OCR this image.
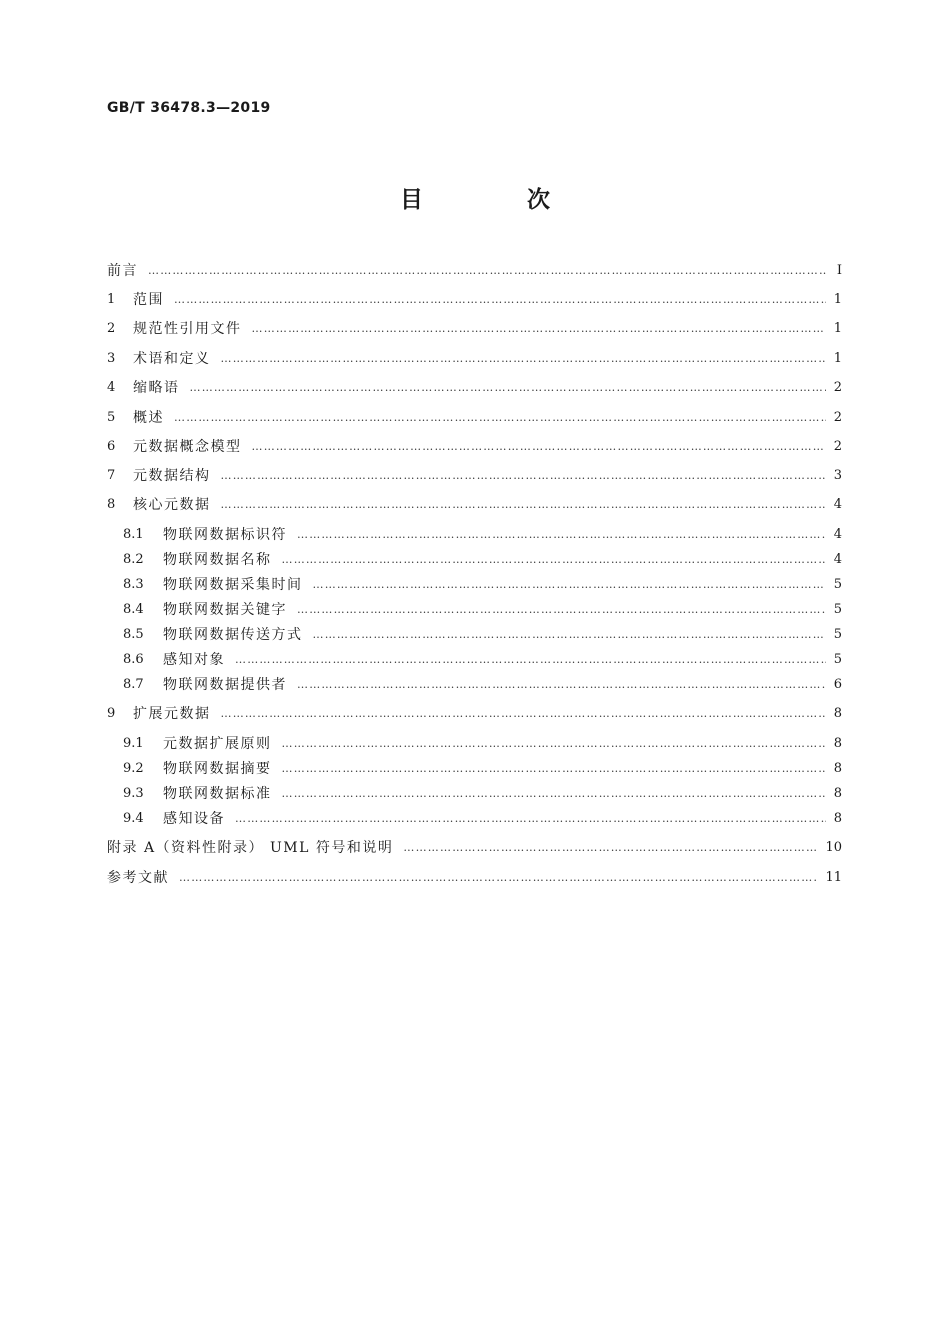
GB/T 36478.3—2019
目 次
前言 ………………………………………………………………………………………………………………………………………………………………………………………………………………………………………………………………………………	Ⅰ
1	范围 ………………………………………………………………………………………………………………………………………………………………………………………………………………………………………………………………………………	1
2	规范性引用文件 ………………………………………………………………………………………………………………………………………………………………………………………………………………………………………………………………………………	1
3	术语和定义 ………………………………………………………………………………………………………………………………………………………………………………………………………………………………………………………………………………	1
4	缩略语 ………………………………………………………………………………………………………………………………………………………………………………………………………………………………………………………………………………	2
5	概述 ………………………………………………………………………………………………………………………………………………………………………………………………………………………………………………………………………………	2
6	元数据概念模型 ………………………………………………………………………………………………………………………………………………………………………………………………………………………………………………………………………………	2
7	元数据结构 ………………………………………………………………………………………………………………………………………………………………………………………………………………………………………………………………………………	3
8	核心元数据 ………………………………………………………………………………………………………………………………………………………………………………………………………………………………………………………………………………	4
8.1	物联网数据标识符 ………………………………………………………………………………………………………………………………………………………………………………………………………………………………………………………………………………	4
8.2	物联网数据名称 ………………………………………………………………………………………………………………………………………………………………………………………………………………………………………………………………………………	4
8.3	物联网数据采集时间 ………………………………………………………………………………………………………………………………………………………………………………………………………………………………………………………………………………	5
8.4	物联网数据关键字 ………………………………………………………………………………………………………………………………………………………………………………………………………………………………………………………………………………	5
8.5	物联网数据传送方式 ………………………………………………………………………………………………………………………………………………………………………………………………………………………………………………………………………………	5
8.6	感知对象 ………………………………………………………………………………………………………………………………………………………………………………………………………………………………………………………………………………	5
8.7	物联网数据提供者 ………………………………………………………………………………………………………………………………………………………………………………………………………………………………………………………………………………	6
9	扩展元数据 ………………………………………………………………………………………………………………………………………………………………………………………………………………………………………………………………………………	8
9.1	元数据扩展原则 ………………………………………………………………………………………………………………………………………………………………………………………………………………………………………………………………………………	8
9.2	物联网数据摘要 ………………………………………………………………………………………………………………………………………………………………………………………………………………………………………………………………………………	8
9.3	物联网数据标准 ………………………………………………………………………………………………………………………………………………………………………………………………………………………………………………………………………………	8
9.4	感知设备 ………………………………………………………………………………………………………………………………………………………………………………………………………………………………………………………………………………	8
附录 A（资料性附录） UML 符号和说明 ………………………………………………………………………………………………………………………………………………………………………………………………………………………………………………………………………………	10
参考文献 ………………………………………………………………………………………………………………………………………………………………………………………………………………………………………………………………………………	11
